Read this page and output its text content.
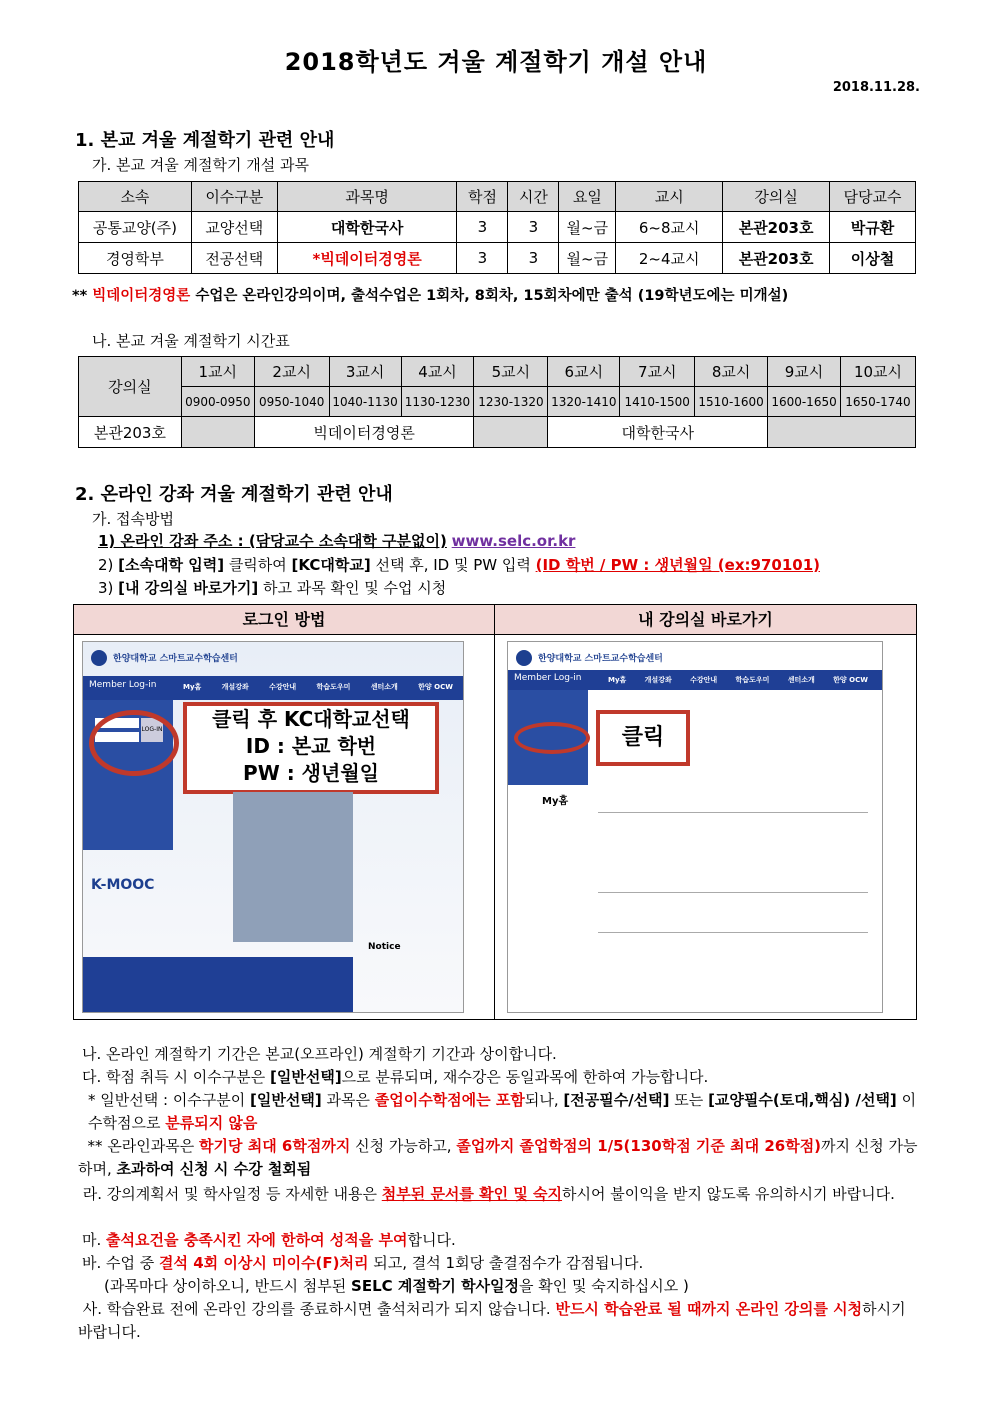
2018학년도 겨울 계절학기 개설 안내
2018.11.28.
1. 본교 겨울 계절학기 관련 안내
가. 본교 겨울 계절학기 개설 과목
소속	이수구분	과목명	학점	시간	요일	교시	강의실	담당교수
공통교양(주)	교양선택	대학한국사	3	3	월~금	6~8교시	본관203호	박규환
경영학부	전공선택	*빅데이터경영론	3	3	월~금	2~4교시	본관203호	이상철
** 빅데이터경영론 수업은 온라인강의이며, 출석수업은 1회차, 8회차, 15회차에만 출석 (19학년도에는 미개설)
나. 본교 겨울 계절학기 시간표
강의실	1교시	2교시	3교시	4교시	5교시	6교시	7교시	8교시	9교시	10교시
	0900-0950	0950-1040	1040-1130	1130-1230	1230-1320	1320-1410	1410-1500	1510-1600	1600-1650	1650-1740
본관203호		빅데이터경영론				대학한국사				
2. 온라인 강좌 겨울 계절학기 관련 안내
가. 접속방법
1) 온라인 강좌 주소 : (담당교수 소속대학 구분없이) www.selc.or.kr
2) [소속대학 입력] 클릭하여 [KC대학교] 선택 후, ID 및 PW 입력 (ID 학번 / PW : 생년월일 (ex:970101)
3) [내 강의실 바로가기] 하고 과목 확인 및 수업 시청
로그인 방법	내 강의실 바로가기
한양대학교 스마트교수학습센터
Member Log-in	My홈	개설강좌	수강안내	학습도우미	센터소개	한양 OCW
LOG-IN	클릭 후 KC대학교선택
ID : 본교 학번
PW : 생년월일
K-MOOC
Notice
한양대학교 스마트교수학습센터
Member Log-in	My홈	개설강좌	수강안내	학습도우미	센터소개	한양 OCW
클릭
My홈
나. 온라인 계절학기 기간은 본교(오프라인) 계절학기 기간과 상이합니다.
다. 학점 취득 시 이수구분은 [일반선택]으로 분류되며, 재수강은 동일과목에 한하여 가능합니다.
* 일반선택 : 이수구분이 [일반선택] 과목은 졸업이수학점에는 포함되나, [전공필수/선택] 또는 [교양필수(토대,핵심) /선택] 이수학점으로 분류되지 않음
** 온라인과목은 학기당 최대 6학점까지 신청 가능하고, 졸업까지 졸업학점의 1/5(130학점 기준 최대 26학점)까지 신청 가능하며, 초과하여 신청 시 수강 철회됨
라. 강의계획서 및 학사일정 등 자세한 내용은 첨부된 문서를 확인 및 숙지하시어 불이익을 받지 않도록 유의하시기 바랍니다.
마. 출석요건을 충족시킨 자에 한하여 성적을 부여합니다.
바. 수업 중 결석 4회 이상시 미이수(F)처리 되고, 결석 1회당 출결점수가 감점됩니다.
(과목마다 상이하오니, 반드시 첨부된 SELC 계절학기 학사일정을 확인 및 숙지하십시오 )
사. 학습완료 전에 온라인 강의를 종료하시면 출석처리가 되지 않습니다. 반드시 학습완료 될 때까지 온라인 강의를 시청하시기 바랍니다.
